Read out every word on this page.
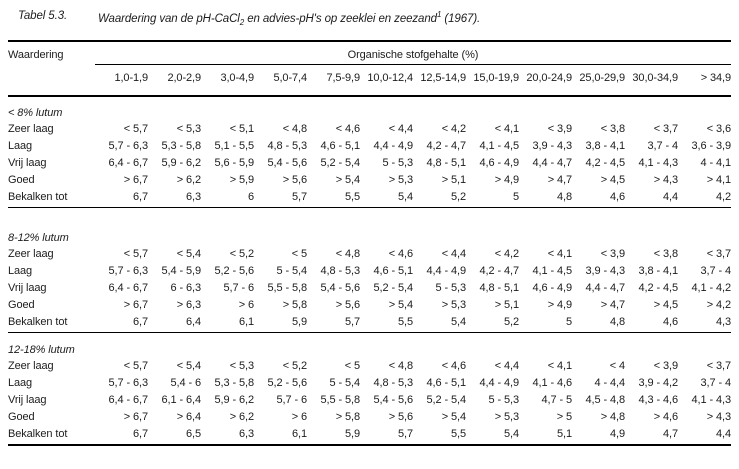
Tabel 5.3.	Waardering van de pH-CaCl$_2$ en advies-pH's op zeeklei en zeezand$^1$ (1967).
Waardering	Organische stofgehalte (%)											
	1,0-1,9	2,0-2,9	3,0-4,9	5,0-7,4	7,5-9,9	10,0-12,4	12,5-14,9	15,0-19,9	20,0-24,9	25,0-29,9	30,0-34,9	> 34,9
< 8% lutum												
Zeer laag	< 5,7	< 5,3	< 5,1	< 4,8	< 4,6	< 4,4	< 4,2	< 4,1	< 3,9	< 3,8	< 3,7	< 3,6
Laag	5,7 - 6,3	5,3 - 5,8	5,1 - 5,5	4,8 - 5,3	4,6 - 5,1	4,4 - 4,9	4,2 - 4,7	4,1 - 4,5	3,9 - 4,3	3,8 - 4,1	3,7 - 4	3,6 - 3,9
Vrij laag	6,4 - 6,7	5,9 - 6,2	5,6 - 5,9	5,4 - 5,6	5,2 - 5,4	5 - 5,3	4,8 - 5,1	4,6 - 4,9	4,4 - 4,7	4,2 - 4,5	4,1 - 4,3	4 - 4,1
Goed	> 6,7	> 6,2	> 5,9	> 5,6	> 5,4	> 5,3	> 5,1	> 4,9	> 4,7	> 4,5	> 4,3	> 4,1
Bekalken tot	6,7	6,3	6	5,7	5,5	5,4	5,2	5	4,8	4,6	4,4	4,2
8-12% lutum												
Zeer laag	< 5,7	< 5,4	< 5,2	< 5	< 4,8	< 4,6	< 4,4	< 4,2	< 4,1	< 3,9	< 3,8	< 3,7
Laag	5,7 - 6,3	5,4 - 5,9	5,2 - 5,6	5 - 5,4	4,8 - 5,3	4,6 - 5,1	4,4 - 4,9	4,2 - 4,7	4,1 - 4,5	3,9 - 4,3	3,8 - 4,1	3,7 - 4
Vrij laag	6,4 - 6,7	6 - 6,3	5,7 - 6	5,5 - 5,8	5,4 - 5,6	5,2 - 5,4	5 - 5,3	4,8 - 5,1	4,6 - 4,9	4,4 - 4,7	4,2 - 4,5	4,1 - 4,2
Goed	> 6,7	> 6,3	> 6	> 5,8	> 5,6	> 5,4	> 5,3	> 5,1	> 4,9	> 4,7	> 4,5	> 4,2
Bekalken tot	6,7	6,4	6,1	5,9	5,7	5,5	5,4	5,2	5	4,8	4,6	4,3
12-18% lutum												
Zeer laag	< 5,7	< 5,4	< 5,3	< 5,2	< 5	< 4,8	< 4,6	< 4,4	< 4,1	< 4	< 3,9	< 3,7
Laag	5,7 - 6,3	5,4 - 6	5,3 - 5,8	5,2 - 5,6	5 - 5,4	4,8 - 5,3	4,6 - 5,1	4,4 - 4,9	4,1 - 4,6	4 - 4,4	3,9 - 4,2	3,7 - 4
Vrij laag	6,4 - 6,7	6,1 - 6,4	5,9 - 6,2	5,7 - 6	5,5 - 5,8	5,4 - 5,6	5,2 - 5,4	5 - 5,3	4,7 - 5	4,5 - 4,8	4,3 - 4,6	4,1 - 4,3
Goed	> 6,7	> 6,4	> 6,2	> 6	> 5,8	> 5,6	> 5,4	> 5,3	> 5	> 4,8	> 4,6	> 4,3
Bekalken tot	6,7	6,5	6,3	6,1	5,9	5,7	5,5	5,4	5,1	4,9	4,7	4,4
